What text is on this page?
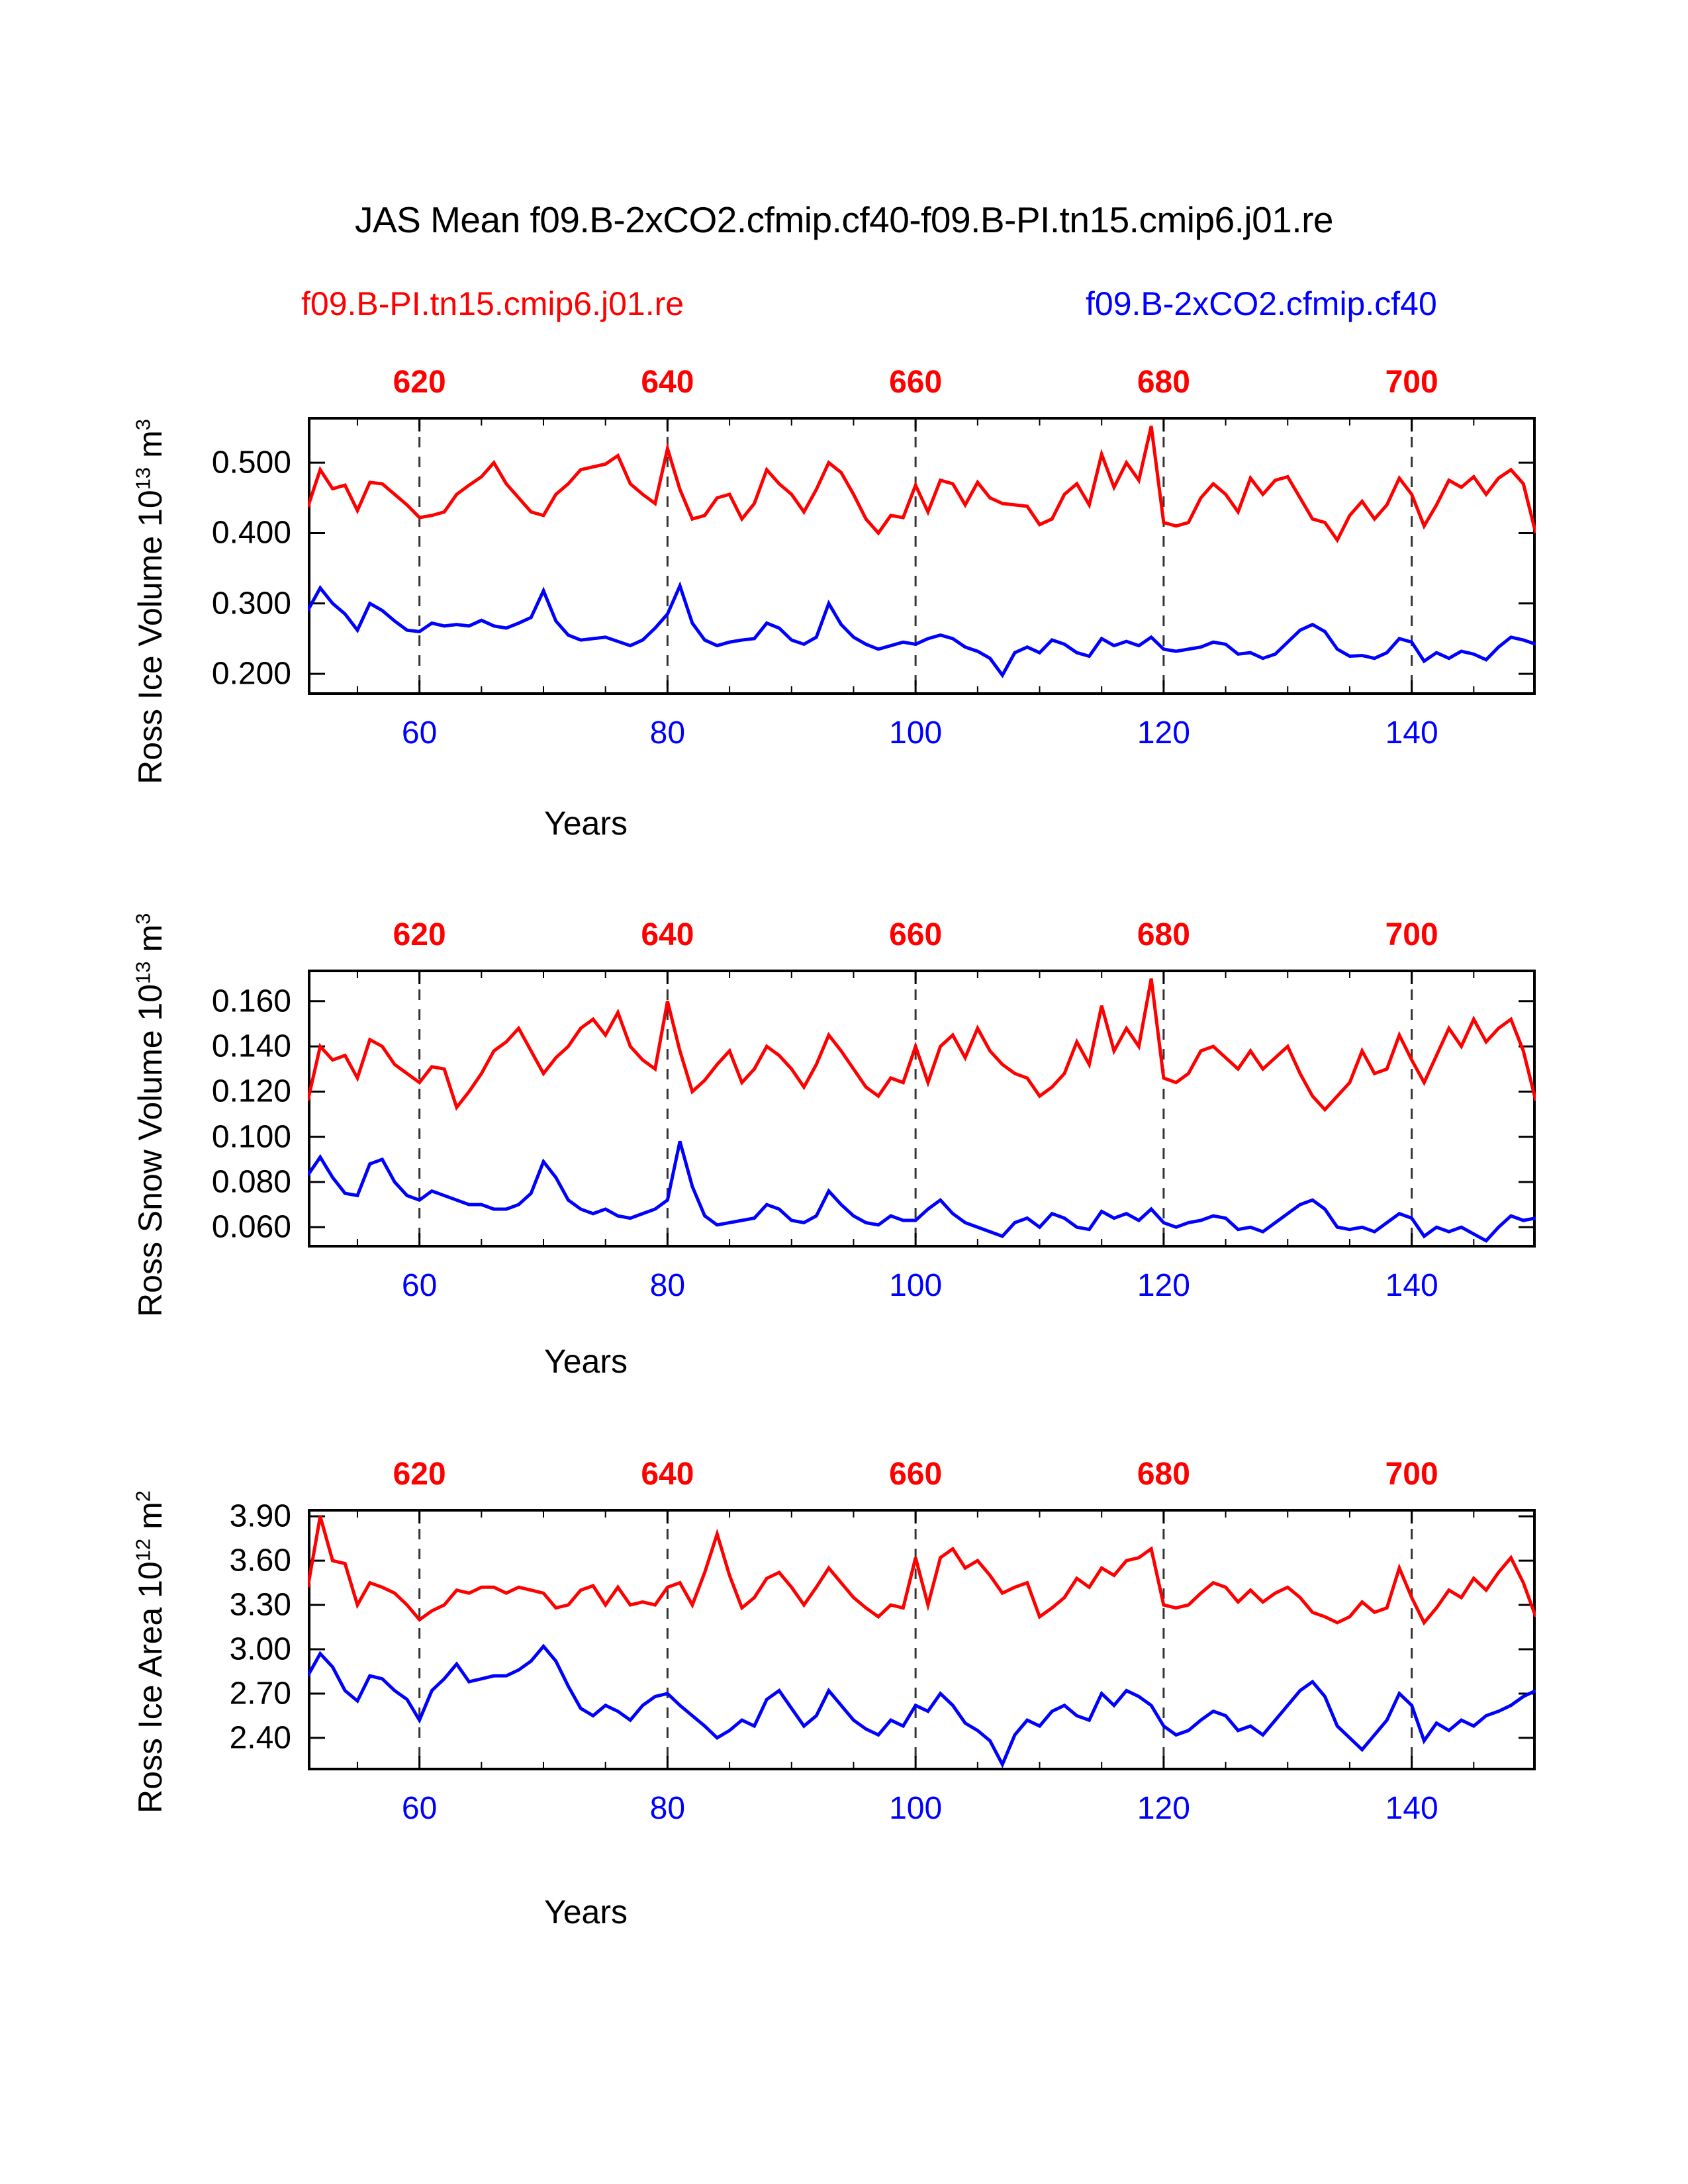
JAS Mean f09.B-2xCO2.cfmip.cf40-f09.B-PI.tn15.cmip6.j01.re
f09.B-PI.tn15.cmip6.j01.re	f09.B-2xCO2.cfmip.cf40
Ross Ice Volume $10^{13}$ $m^3$
Years
Ross Snow Volume $10^{13}$ $m^3$
Years
Ross Ice Area $10^{12}$ $m^2$
Years
0.200
0.300
0.400
0.500
620	640	660	680	700
60	80	100	120	140
0.060
0.080
0.100
0.120
0.140
0.160
620	640	660	680	700
60	80	100	120	140
2.40
2.70
3.00
3.30
3.60
3.90
620	640	660	680	700
60	80	100	120	140
